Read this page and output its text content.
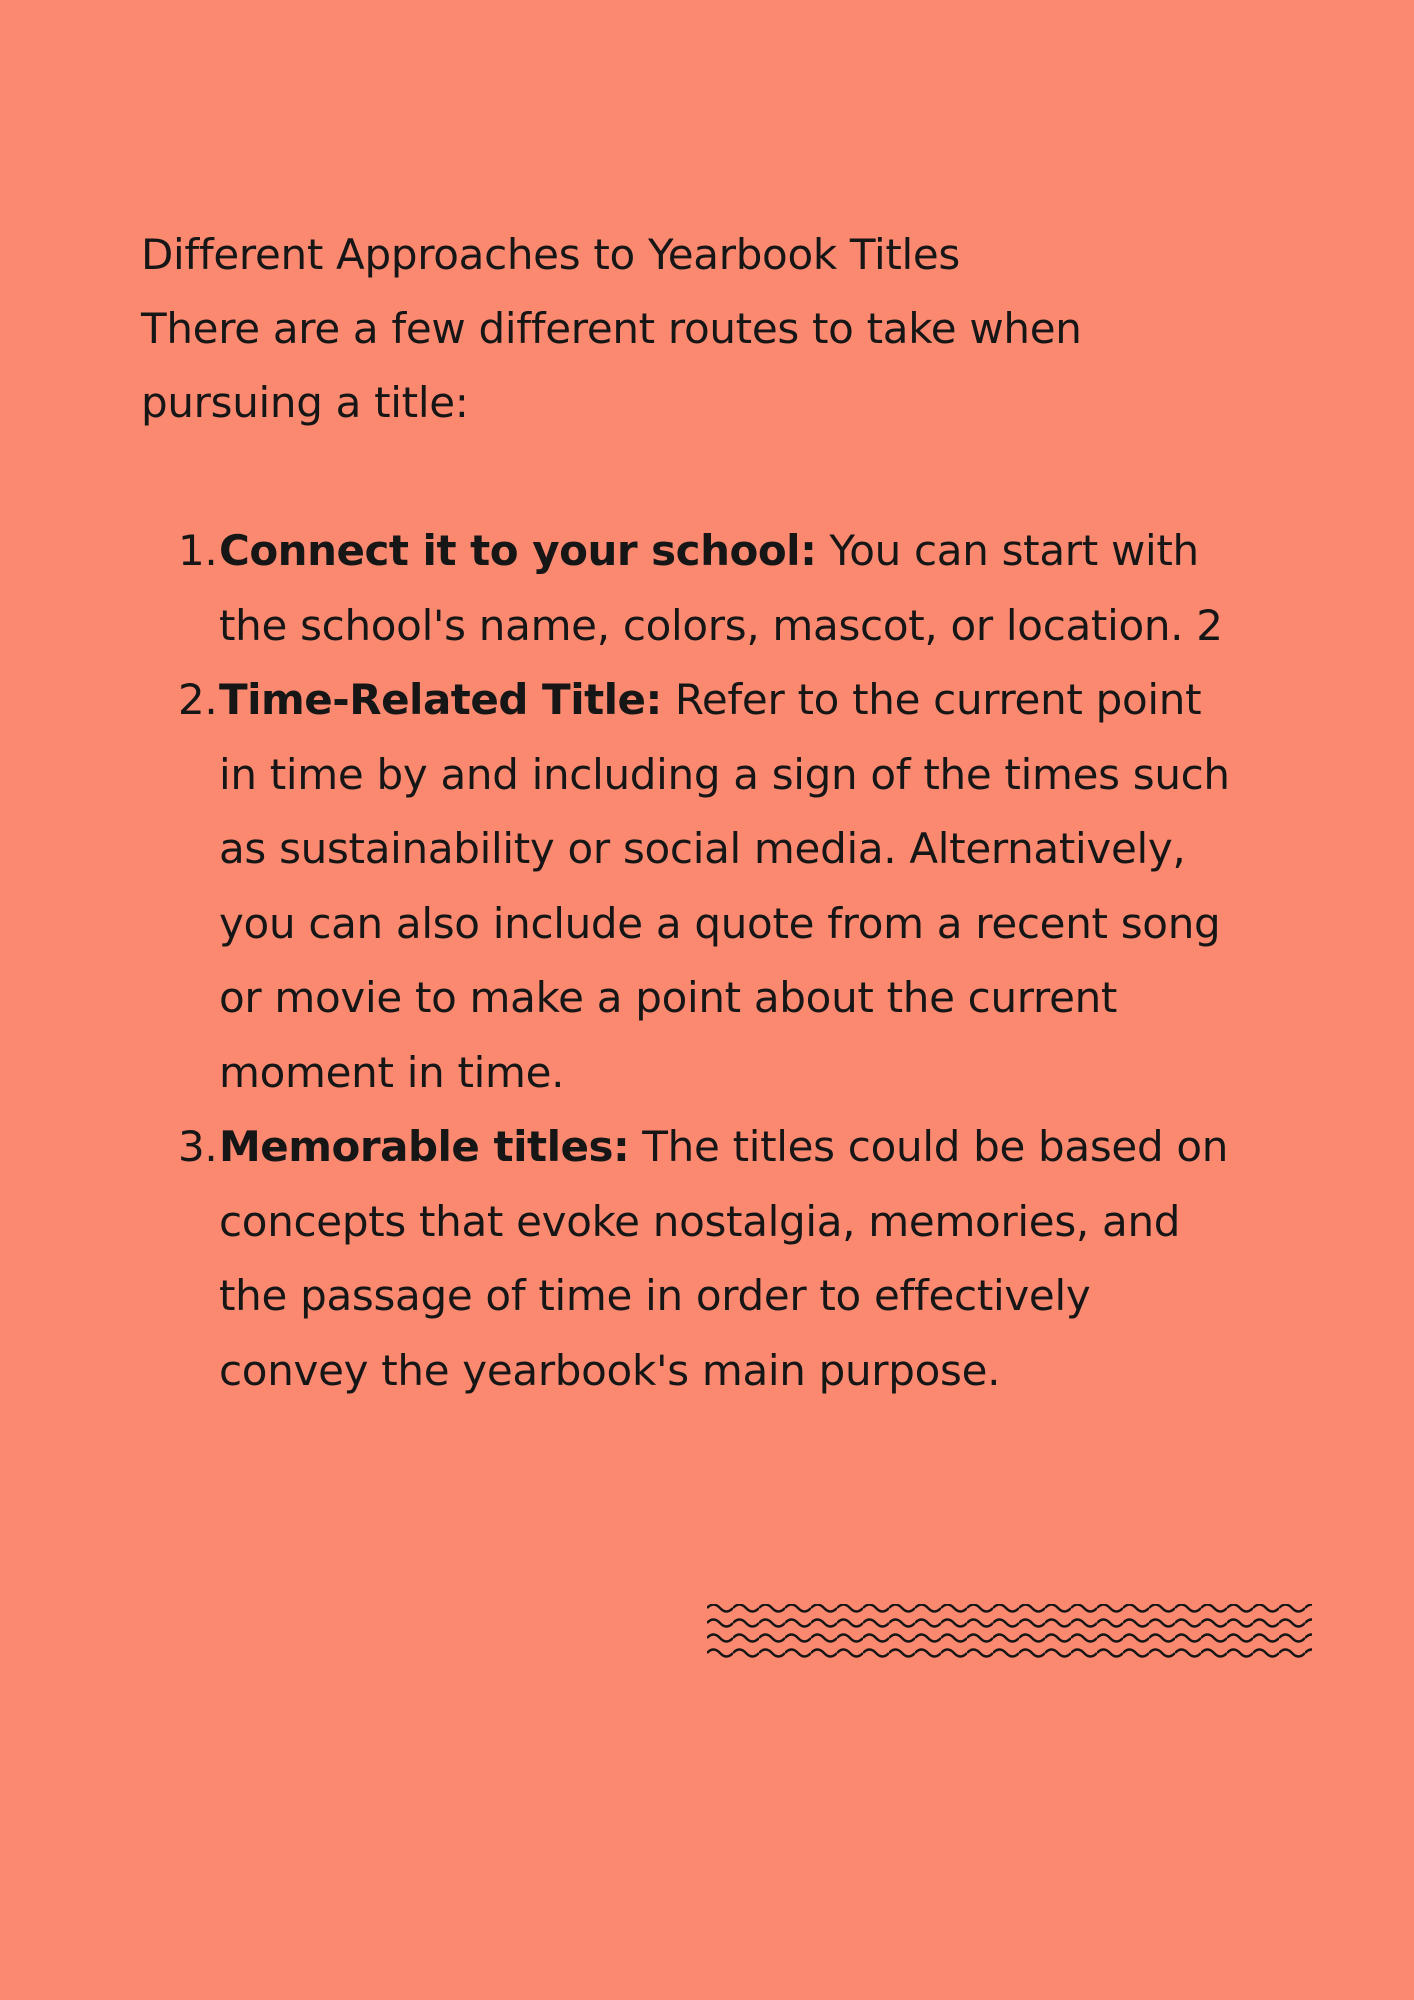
Different Approaches to Yearbook Titles

There are a few different routes to take when pursuing a title:

1. Connect it to your school: You can start with the school's name, colors, mascot, or location. 2
2. Time-Related Title: Refer to the current point in time by and including a sign of the times such as sustainability or social media. Alternatively, you can also include a quote from a recent song or movie to make a point about the current moment in time.
3. Memorable titles: The titles could be based on concepts that evoke nostalgia, memories, and the passage of time in order to effectively convey the yearbook's main purpose.
